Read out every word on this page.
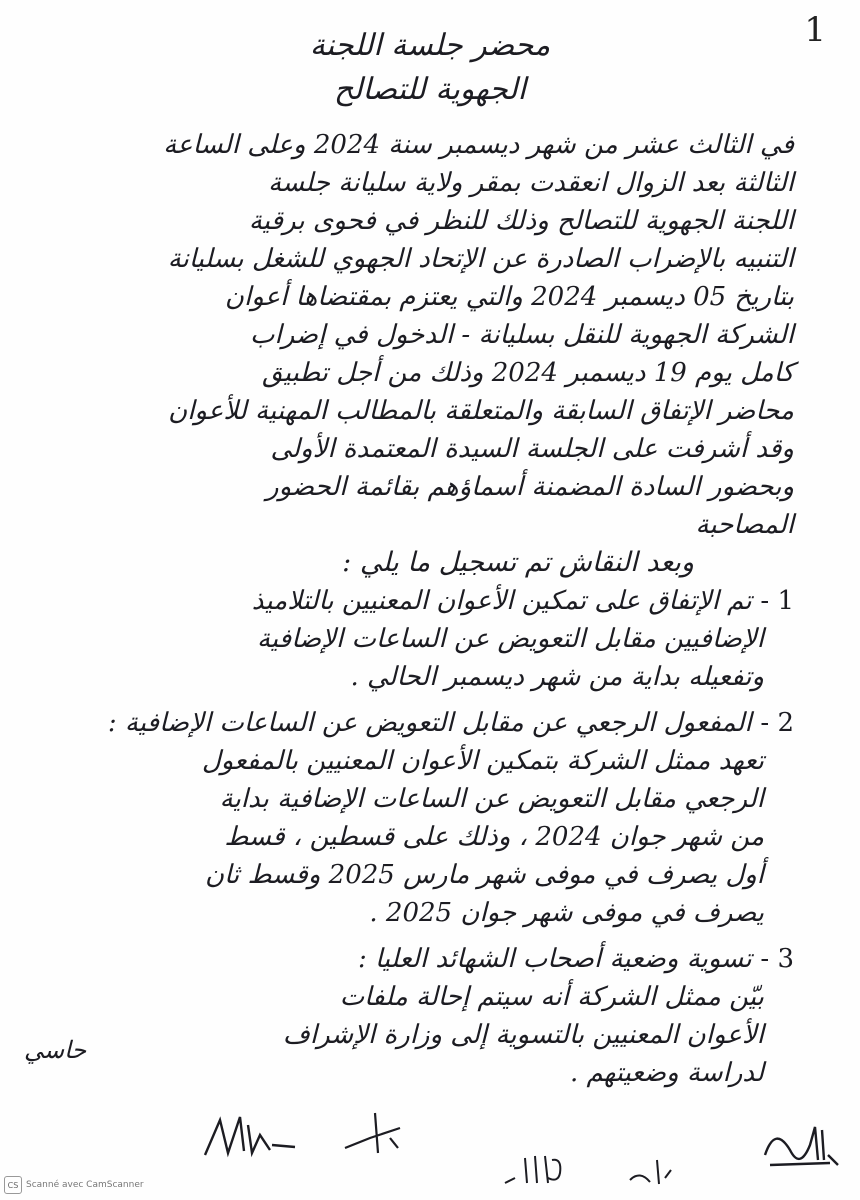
1
محضر جلسة اللجنة
الجهوية للتصالح

في الثالث عشر من شهر ديسمبر سنة 2024 وعلى الساعة

الثالثة بعد الزوال انعقدت بمقر ولاية سليانة جلسة

اللجنة الجهوية للتصالح وذلك للنظر في فحوى برقية

التنبيه بالإضراب الصادرة عن الإتحاد الجهوي للشغل بسليانة

بتاريخ 05 ديسمبر 2024 والتي يعتزم بمقتضاها أعوان

الشركة الجهوية للنقل بسليانة - الدخول في إضراب

كامل يوم 19 ديسمبر 2024 وذلك من أجل تطبيق

محاضر الإتفاق السابقة والمتعلقة بالمطالب المهنية للأعوان

وقد أشرفت على الجلسة السيدة المعتمدة الأولى

وبحضور السادة المضمنة أسماؤهم بقائمة الحضور

المصاحبة

وبعد النقاش تم تسجيل ما يلي :

1 - تم الإتفاق على تمكين الأعوان المعنيين بالتلاميذ

الإضافيين مقابل التعويض عن الساعات الإضافية

وتفعيله بداية من شهر ديسمبر الحالي .

2 - المفعول الرجعي عن مقابل التعويض عن الساعات الإضافية :

تعهد ممثل الشركة بتمكين الأعوان المعنيين بالمفعول

الرجعي مقابل التعويض عن الساعات الإضافية بداية

من شهر جوان 2024 ، وذلك على قسطين ، قسط

أول يصرف في موفى شهر مارس 2025 وقسط ثان

يصرف في موفى شهر جوان 2025 .

3 - تسوية وضعية أصحاب الشهائد العليا :

بيّن ممثل الشركة أنه سيتم إحالة ملفات

الأعوان المعنيين بالتسوية إلى وزارة الإشراف

لدراسة وضعيتهم .

حاسي
CS Scanné avec CamScanner
